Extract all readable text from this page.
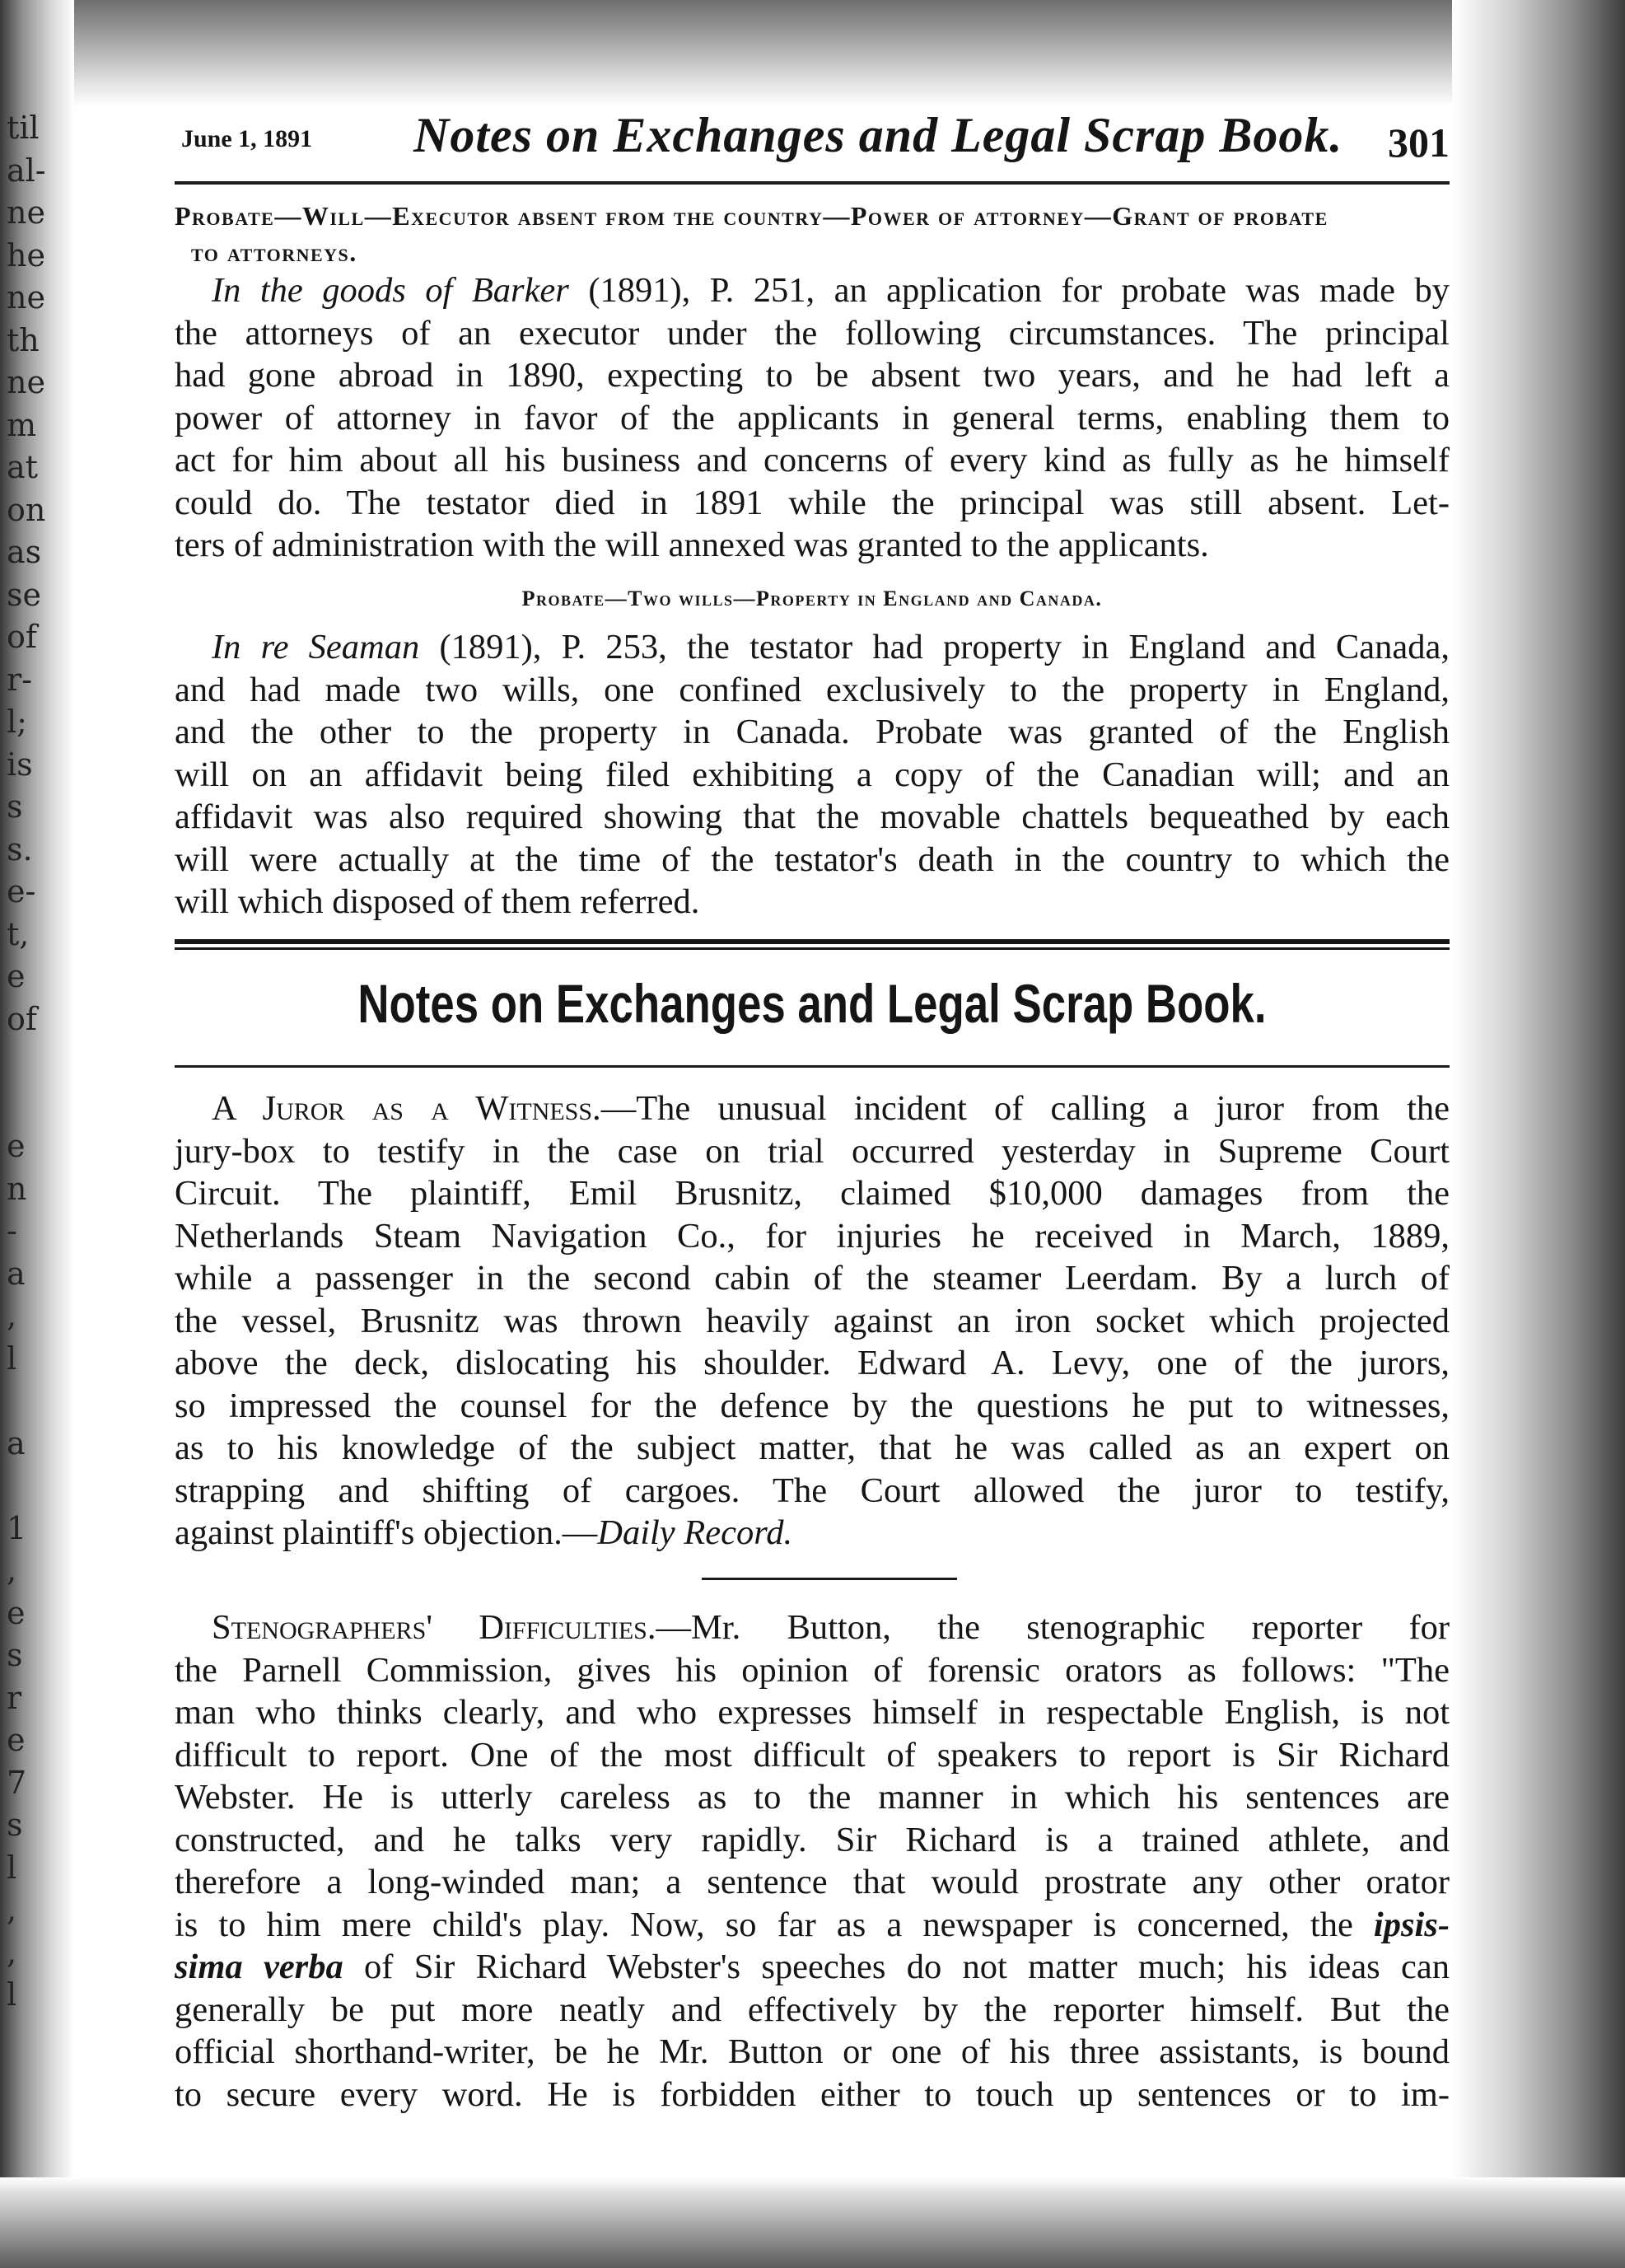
til
al-
ne
he
ne
th
ne
m
at
on
as
se
of
r-
l;
is
s
s.
e-
t,
e
of
e
n
-
a
,
l
a
1
,
e
s
r
e
7
s
l
,
,
l
June 1, 1891 Notes on Exchanges and Legal Scrap Book. 301
Probate—Will—Executor absent from the country—Power of attorney—Grant of probate
to attorneys.
In the goods of Barker (1891), P. 251, an application for probate was made by
the attorneys of an executor under the following circumstances. The principal
had gone abroad in 1890, expecting to be absent two years, and he had left a
power of attorney in favor of the applicants in general terms, enabling them to
act for him about all his business and concerns of every kind as fully as he himself
could do. The testator died in 1891 while the principal was still absent. Let-
ters of administration with the will annexed was granted to the applicants.
Probate—Two wills—Property in England and Canada.
In re Seaman (1891), P. 253, the testator had property in England and Canada,
and had made two wills, one confined exclusively to the property in England,
and the other to the property in Canada. Probate was granted of the English
will on an affidavit being filed exhibiting a copy of the Canadian will; and an
affidavit was also required showing that the movable chattels bequeathed by each
will were actually at the time of the testator's death in the country to which the
will which disposed of them referred.
Notes on Exchanges and Legal Scrap Book.
A Juror as a Witness.—The unusual incident of calling a juror from the
jury-box to testify in the case on trial occurred yesterday in Supreme Court
Circuit. The plaintiff, Emil Brusnitz, claimed $10,000 damages from the
Netherlands Steam Navigation Co., for injuries he received in March, 1889,
while a passenger in the second cabin of the steamer Leerdam. By a lurch of
the vessel, Brusnitz was thrown heavily against an iron socket which projected
above the deck, dislocating his shoulder. Edward A. Levy, one of the jurors,
so impressed the counsel for the defence by the questions he put to witnesses,
as to his knowledge of the subject matter, that he was called as an expert on
strapping and shifting of cargoes. The Court allowed the juror to testify,
against plaintiff's objection.—Daily Record.
Stenographers' Difficulties.—Mr. Button, the stenographic reporter for
the Parnell Commission, gives his opinion of forensic orators as follows: "The
man who thinks clearly, and who expresses himself in respectable English, is not
difficult to report. One of the most difficult of speakers to report is Sir Richard
Webster. He is utterly careless as to the manner in which his sentences are
constructed, and he talks very rapidly. Sir Richard is a trained athlete, and
therefore a long-winded man; a sentence that would prostrate any other orator
is to him mere child's play. Now, so far as a newspaper is concerned, the ipsis-
sima verba of Sir Richard Webster's speeches do not matter much; his ideas can
generally be put more neatly and effectively by the reporter himself. But the
official shorthand-writer, be he Mr. Button or one of his three assistants, is bound
to secure every word. He is forbidden either to touch up sentences or to im-
